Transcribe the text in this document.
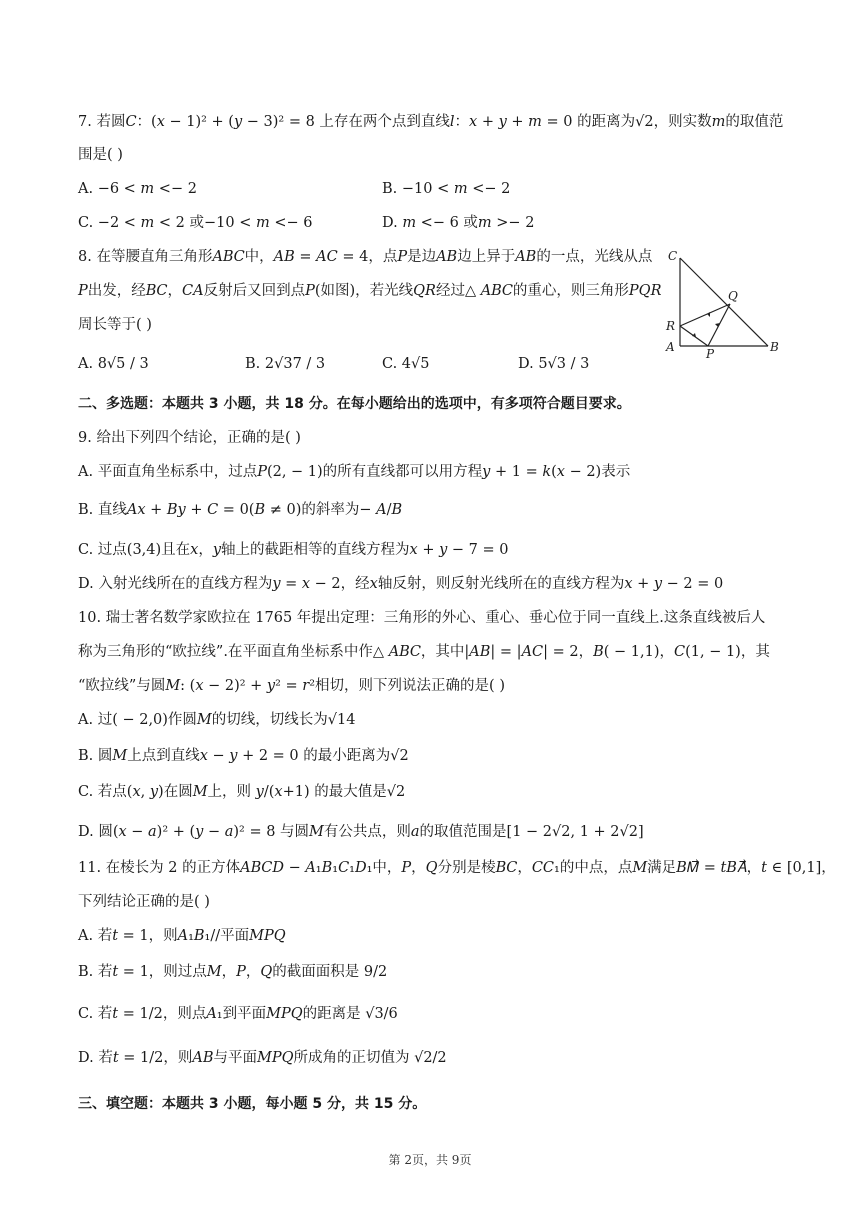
7. 若圆𝐶：(𝑥 − 1)² + (𝑦 − 3)² = 8 上存在两个点到直线𝑙：𝑥 + 𝑦 + 𝑚 = 0 的距离为√2，则实数𝑚的取值范
围是( )
A. −6 < 𝑚 <− 2	B. −10 < 𝑚 <− 2
C. −2 < 𝑚 < 2 或−10 < 𝑚 <− 6	D. 𝑚 <− 6 或𝑚 >− 2
8. 在等腰直角三角形𝐴𝐵𝐶中，𝐴𝐵 = 𝐴𝐶 = 4，点𝑃是边𝐴𝐵边上异于𝐴𝐵的一点，光线从点
𝑃出发，经𝐵𝐶，𝐶𝐴反射后又回到点𝑃(如图)，若光线𝑄𝑅经过△ 𝐴𝐵𝐶的重心，则三角形𝑃𝑄𝑅
周长等于( )
A. 8√5 / 3	B. 2√37 / 3	C. 4√5	D. 5√3 / 3
C
Q
R
A	P	B
二、多选题：本题共 3 小题，共 18 分。在每小题给出的选项中，有多项符合题目要求。
9. 给出下列四个结论，正确的是( )
A. 平面直角坐标系中，过点𝑃(2, − 1)的所有直线都可以用方程𝑦 + 1 = 𝑘(𝑥 − 2)表示
B. 直线𝐴𝑥 + 𝐵𝑦 + 𝐶 = 0(𝐵 ≠ 0)的斜率为− 𝐴/𝐵
C. 过点(3,4)且在𝑥，𝑦轴上的截距相等的直线方程为𝑥 + 𝑦 − 7 = 0
D. 入射光线所在的直线方程为𝑦 = 𝑥 − 2，经𝑥轴反射，则反射光线所在的直线方程为𝑥 + 𝑦 − 2 = 0
10. 瑞士著名数学家欧拉在 1765 年提出定理：三角形的外心、重心、垂心位于同一直线上.这条直线被后人
称为三角形的“欧拉线”.在平面直角坐标系中作△ 𝐴𝐵𝐶，其中|𝐴𝐵| = |𝐴𝐶| = 2，𝐵( − 1,1)，𝐶(1, − 1)，其
“欧拉线”与圆𝑀: (𝑥 − 2)² + 𝑦² = 𝑟²相切，则下列说法正确的是( )
A. 过( − 2,0)作圆𝑀的切线，切线长为√14
B. 圆𝑀上点到直线𝑥 − 𝑦 + 2 = 0 的最小距离为√2
C. 若点(𝑥, 𝑦)在圆𝑀上，则 𝑦/(𝑥+1) 的最大值是√2
D. 圆(𝑥 − 𝑎)² + (𝑦 − 𝑎)² = 8 与圆𝑀有公共点，则𝑎的取值范围是[1 − 2√2, 1 + 2√2]
11. 在棱长为 2 的正方体𝐴𝐵𝐶𝐷 − 𝐴₁𝐵₁𝐶₁𝐷₁中，𝑃，𝑄分别是棱𝐵𝐶，𝐶𝐶₁的中点，点𝑀满足𝐵𝑀⃗ = 𝑡𝐵𝐴⃗，𝑡 ∈ [0,1]，
下列结论正确的是( )
A. 若𝑡 = 1，则𝐴₁𝐵₁//平面𝑀𝑃𝑄
B. 若𝑡 = 1，则过点𝑀，𝑃，𝑄的截面面积是 9/2
C. 若𝑡 = 1/2，则点𝐴₁到平面𝑀𝑃𝑄的距离是 √3/6
D. 若𝑡 = 1/2，则𝐴𝐵与平面𝑀𝑃𝑄所成角的正切值为 √2/2
三、填空题：本题共 3 小题，每小题 5 分，共 15 分。
第 2页，共 9页
